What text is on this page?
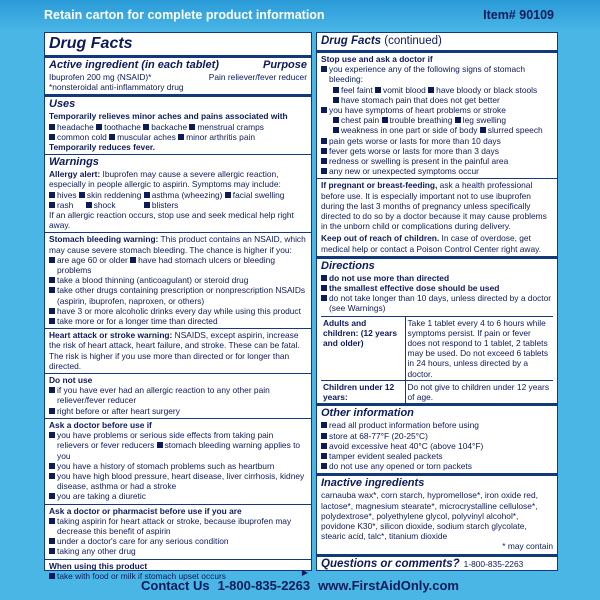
Retain carton for complete product information	Item# 90109
Drug Facts
Active ingredient (in each tablet)	Purpose
Ibuprofen 200 mg (NSAID)*	Pain reliever/fever reducer
*nonsteroidal anti-inflammatory drug
Uses
Temporarily relieves minor aches and pains associated with
headache toothache backache menstrual cramps
common cold muscular aches minor arthritis pain
Temporarily reduces fever.
Warnings
Allergy alert: Ibuprofen may cause a severe allergic reaction, especially in people allergic to aspirin. Symptoms may include:
hives skin reddening asthma (wheezing) facial swelling
rash shock	blisters
If an allergic reaction occurs, stop use and seek medical help right away.
Stomach bleeding warning: This product contains an NSAID, which may cause severe stomach bleeding. The chance is higher if you:
are age 60 or older have had stomach ulcers or bleeding problems
take a blood thinning (anticoagulant) or steroid drug
take other drugs containing prescription or nonprescription NSAIDs (aspirin, ibuprofen, naproxen, or others)
have 3 or more alcoholic drinks every day while using this product
take more or for a longer time than directed
Heart attack or stroke warning: NSAIDS, except aspirin, increase the risk of heart attack, heart failure, and stroke. These can be fatal. The risk is higher if you use more than directed or for longer than directed.
Do not use
if you have ever had an allergic reaction to any other pain reliever/fever reducer
right before or after heart surgery
Ask a doctor before use if
you have problems or serious side effects from taking pain relievers or fever reducers stomach bleeding warning applies to you
you have a history of stomach problems such as heartburn
you have high blood pressure, heart disease, liver cirrhosis, kidney disease, asthma or had a stroke
you are taking a diuretic
Ask a doctor or pharmacist before use if you are
taking aspirin for heart attack or stroke, because ibuprofen may decrease this benefit of aspirin
under a doctor's care for any serious condition
taking any other drug
When using this product
take with food or milk if stomach upset occurs	▶
Drug Facts (continued)
Stop use and ask a doctor if
you experience any of the following signs of stomach bleeding:
feel faint vomit blood have bloody or black stools
have stomach pain that does not get better
you have symptoms of heart problems or stroke
chest pain trouble breathing leg swelling
weakness in one part or side of body slurred speech
pain gets worse or lasts for more than 10 days
fever gets worse or lasts for more than 3 days
redness or swelling is present in the painful area
any new or unexpected symptoms occur
If pregnant or breast-feeding, ask a health professional before use. It is especially important not to use ibuprofen during the last 3 months of pregnancy unless specifically directed to do so by a doctor because it may cause problems in the unborn child or complications during delivery.
Keep out of reach of children. In case of overdose, get medical help or contact a Poison Control Center right away.
Directions
do not use more than directed
the smallest effective dose should be used
do not take longer than 10 days, unless directed by a doctor (see Warnings)
Adults and children: (12 years and older)	Take 1 tablet every 4 to 6 hours while symptoms persist. If pain or fever does not respond to 1 tablet, 2 tablets may be used. Do not exceed 6 tablets in 24 hours, unless directed by a doctor.
Children under 12 years:	Do not give to children under 12 years of age.
Other information
read all product information before using
store at 68-77°F (20-25°C)
avoid excessive heat 40°C (above 104°F)
tamper evident sealed packets
do not use any opened or torn packets
Inactive ingredients
carnauba wax*, corn starch, hypromellose*, iron oxide red, lactose*, magnesium stearate*, microcrystalline cellulose*, polydextrose*, polyethylene glycol, polyvinyl alcohol*, povidone K30*, silicon dioxide, sodium starch glycolate, stearic acid, talc*, titanium dioxide
* may contain
Questions or comments? 1-800-835-2263
Contact Us 1-800-835-2263 www.FirstAidOnly.com
